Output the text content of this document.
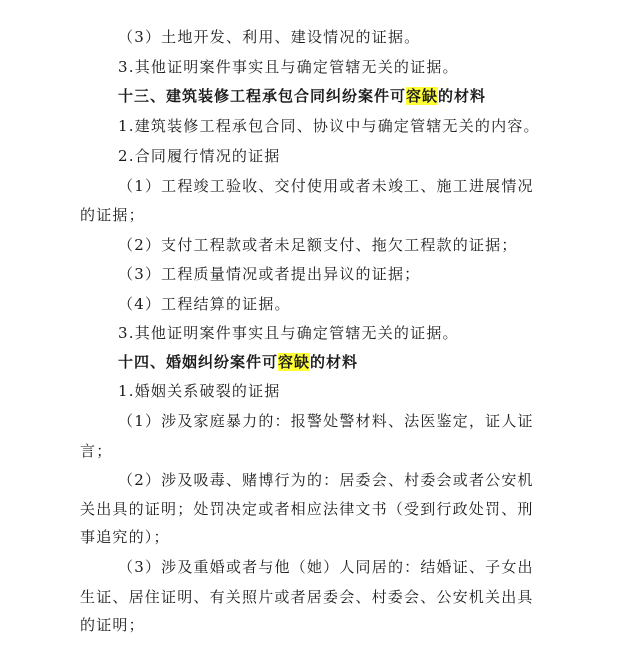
（3）土地开发、利用、建设情况的证据。
3.其他证明案件事实且与确定管辖无关的证据。
十三、建筑装修工程承包合同纠纷案件可容缺的材料
1.建筑装修工程承包合同、协议中与确定管辖无关的内容。
2.合同履行情况的证据
（1）工程竣工验收、交付使用或者未竣工、施工进展情况
的证据；
（2）支付工程款或者未足额支付、拖欠工程款的证据；
（3）工程质量情况或者提出异议的证据；
（4）工程结算的证据。
3.其他证明案件事实且与确定管辖无关的证据。
十四、婚姻纠纷案件可容缺的材料
1.婚姻关系破裂的证据
（1）涉及家庭暴力的：报警处警材料、法医鉴定，证人证
言；
（2）涉及吸毒、赌博行为的：居委会、村委会或者公安机
关出具的证明；处罚决定或者相应法律文书（受到行政处罚、刑
事追究的）；
（3）涉及重婚或者与他（她）人同居的：结婚证、子女出
生证、居住证明、有关照片或者居委会、村委会、公安机关出具
的证明；
